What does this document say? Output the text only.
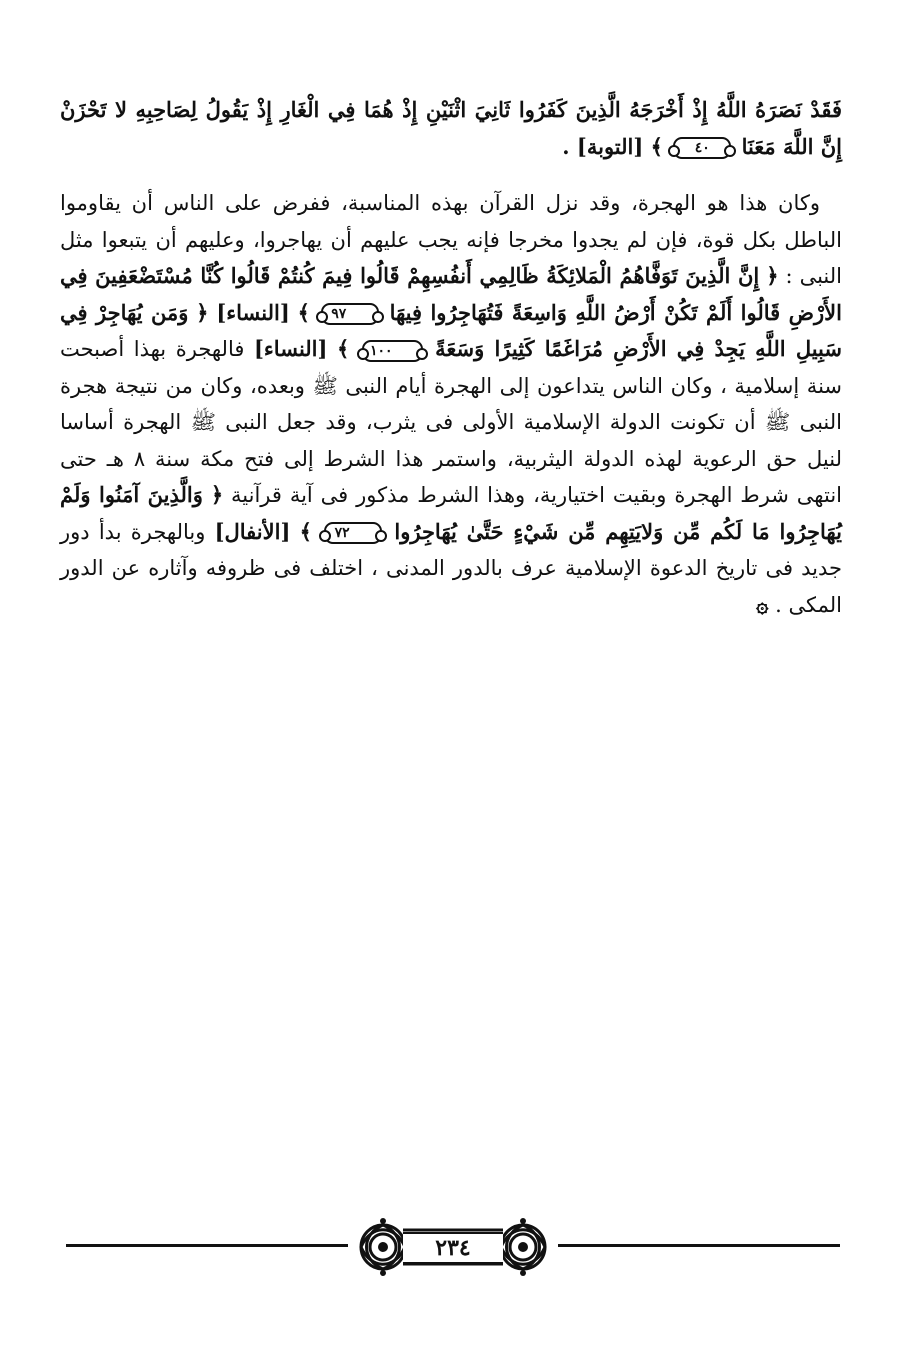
فَقَدْ نَصَرَهُ اللَّهُ إِذْ أَخْرَجَهُ الَّذِينَ كَفَرُوا ثَانِيَ اثْنَيْنِ إِذْ هُمَا فِي الْغَارِ إِذْ يَقُولُ لِصَاحِبِهِ لا تَحْزَنْ إِنَّ اللَّهَ مَعَنَا ٤٠ ﴾ [التوبة] .

وكان هذا هو الهجرة، وقد نزل القرآن بهذه المناسبة، ففرض على الناس أن يقاوموا الباطل بكل قوة، فإن لم يجدوا مخرجا فإنه يجب عليهم أن يهاجروا، وعليهم أن يتبعوا مثل النبى : ﴿ إِنَّ الَّذِينَ تَوَفَّاهُمُ الْمَلائِكَةُ ظَالِمِي أَنفُسِهِمْ قَالُوا فِيمَ كُنتُمْ قَالُوا كُنَّا مُسْتَضْعَفِينَ فِي الأَرْضِ قَالُوا أَلَمْ تَكُنْ أَرْضُ اللَّهِ وَاسِعَةً فَتُهَاجِرُوا فِيهَا ٩٧ ﴾ [النساء] ﴿ وَمَن يُهَاجِرْ فِي سَبِيلِ اللَّهِ يَجِدْ فِي الأَرْضِ مُرَاغَمًا كَثِيرًا وَسَعَةً ١٠٠ ﴾ [النساء] فالهجرة بهذا أصبحت سنة إسلامية ، وكان الناس يتداعون إلى الهجرة أيام النبى ﷺ وبعده، وكان من نتيجة هجرة النبى ﷺ أن تكونت الدولة الإسلامية الأولى فى يثرب، وقد جعل النبى ﷺ الهجرة أساسا لنيل حق الرعوية لهذه الدولة اليثربية، واستمر هذا الشرط إلى فتح مكة سنة ٨ هـ حتى انتهى شرط الهجرة وبقيت اختيارية، وهذا الشرط مذكور فى آية قرآنية ﴿ وَالَّذِينَ آمَنُوا وَلَمْ يُهَاجِرُوا مَا لَكُم مِّن وَلايَتِهِم مِّن شَيْءٍ حَتَّىٰ يُهَاجِرُوا ٧٢ ﴾ [الأنفال] وبالهجرة بدأ دور جديد فى تاريخ الدعوة الإسلامية عرف بالدور المدنى ، اختلف فى ظروفه وآثاره عن الدور المكى . ۞

٢٣٤
